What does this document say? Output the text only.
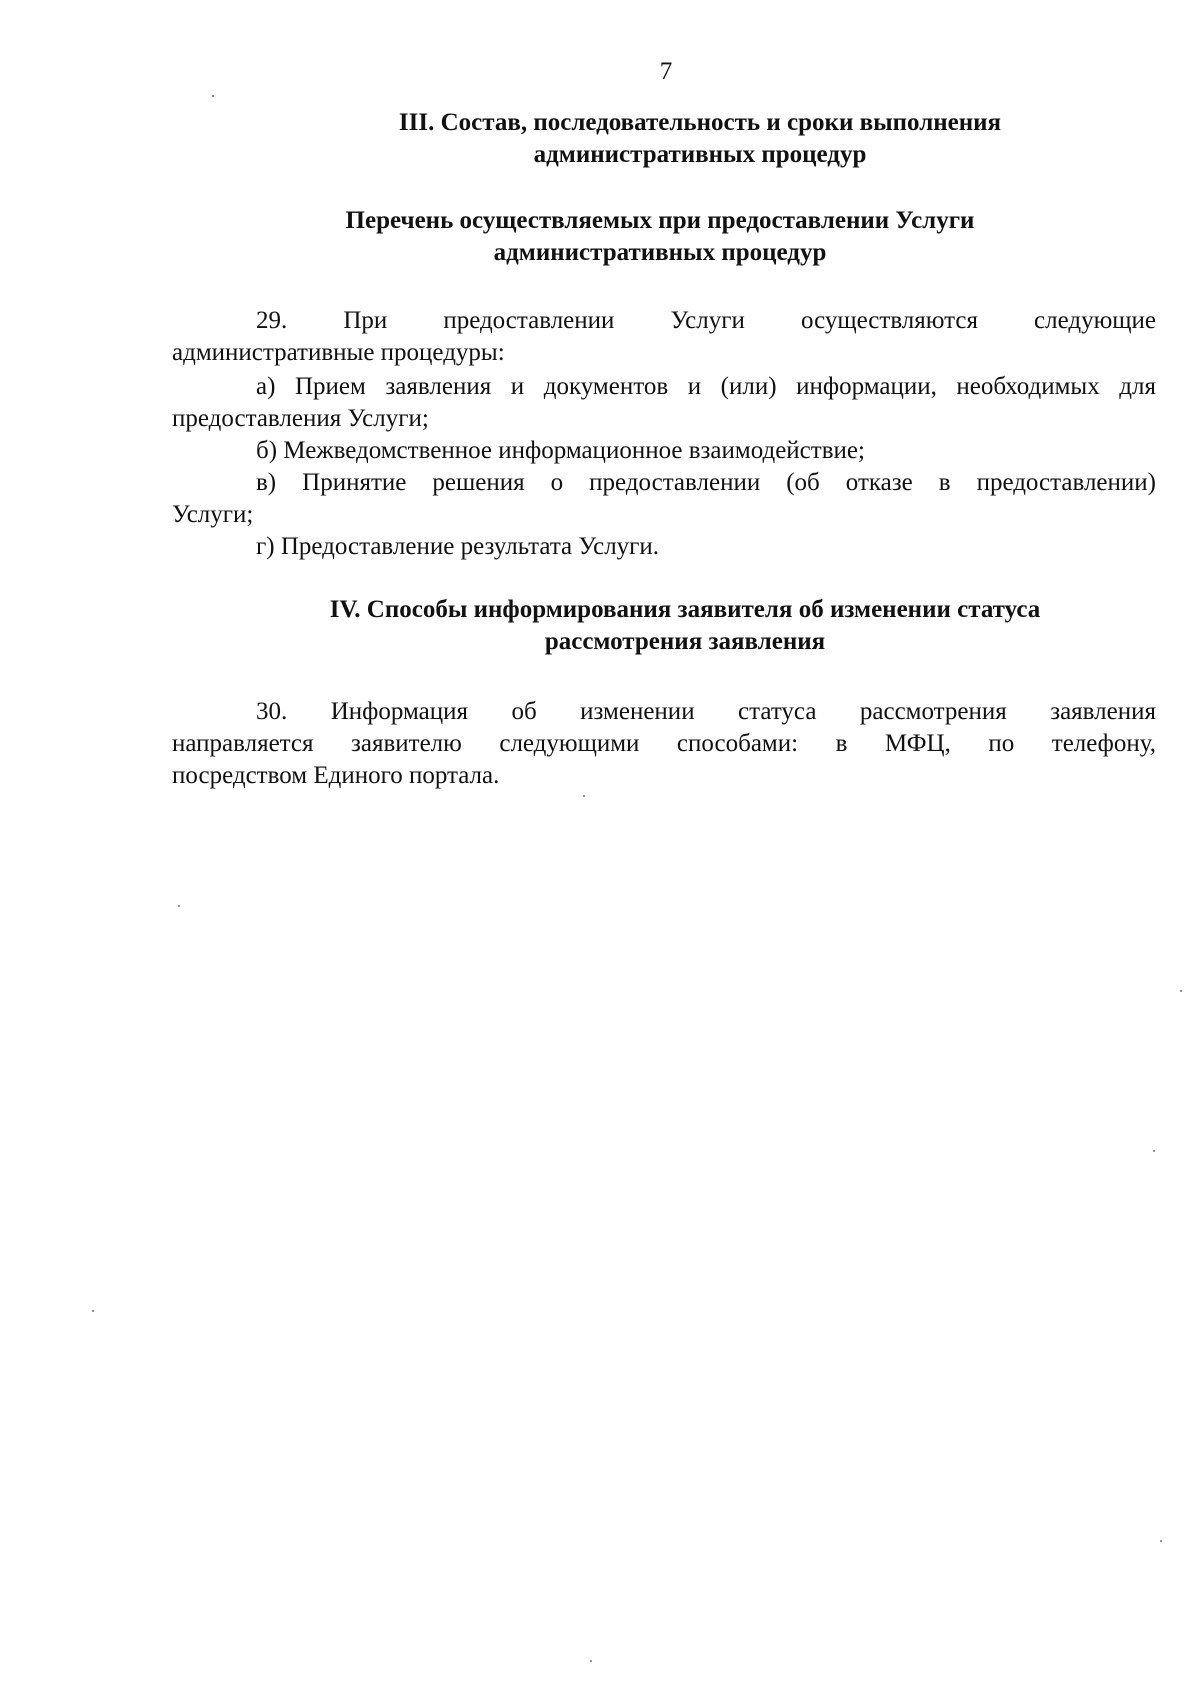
7
III. Состав, последовательность и сроки выполнения
административных процедур
Перечень осуществляемых при предоставлении Услуги
административных процедур
29. При предоставлении Услуги осуществляются следующие
административные процедуры:
а) Прием заявления и документов и (или) информации, необходимых для
предоставления Услуги;
б) Межведомственное информационное взаимодействие;
в) Принятие решения о предоставлении (об отказе в предоставлении)
Услуги;
г) Предоставление результата Услуги.
IV. Способы информирования заявителя об изменении статуса
рассмотрения заявления
30. Информация об изменении статуса рассмотрения заявления
направляется заявителю следующими способами: в МФЦ, по телефону,
посредством Единого портала.
